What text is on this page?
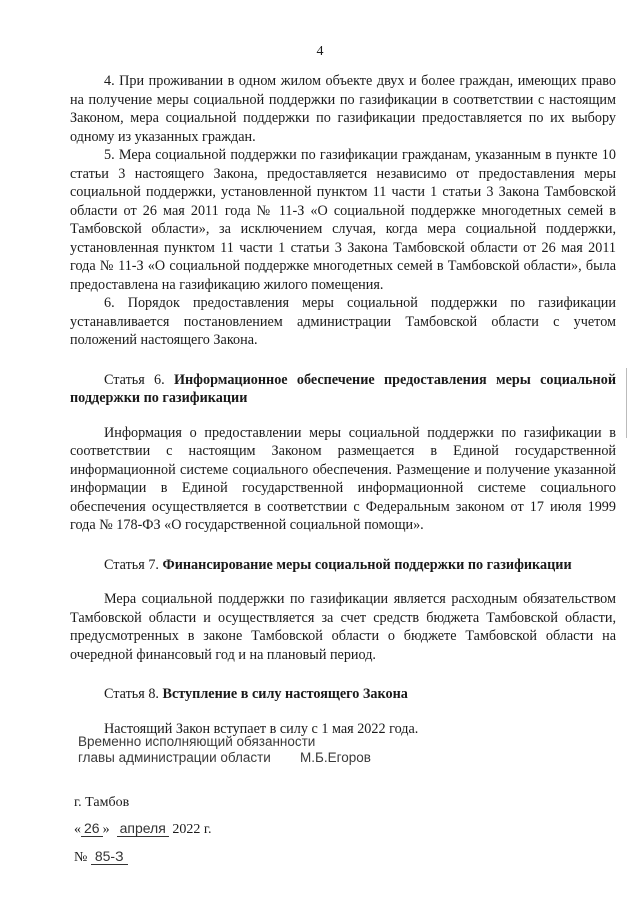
4

4. При проживании в одном жилом объекте двух и более граждан, имеющих право на получение меры социальной поддержки по газификации в соответствии с настоящим Законом, мера социальной поддержки по газификации предоставляется по их выбору одному из указанных граждан.

5. Мера социальной поддержки по газификации гражданам, указанным в пункте 10 статьи 3 настоящего Закона, предоставляется независимо от предоставления меры социальной поддержки, установленной пунктом 11 части 1 статьи 3 Закона Тамбовской области от 26 мая 2011 года № 11-З «О социальной поддержке многодетных семей в Тамбовской области», за исключением случая, когда мера социальной поддержки, установленная пунктом 11 части 1 статьи 3 Закона Тамбовской области от 26 мая 2011 года № 11-З «О социальной поддержке многодетных семей в Тамбовской области», была предоставлена на газификацию жилого помещения.

6. Порядок предоставления меры социальной поддержки по газификации устанавливается постановлением администрации Тамбовской области с учетом положений настоящего Закона.

Статья 6. Информационное обеспечение предоставления меры социальной поддержки по газификации

Информация о предоставлении меры социальной поддержки по газификации в соответствии с настоящим Законом размещается в Единой государственной информационной системе социального обеспечения. Размещение и получение указанной информации в Единой государственной информационной системе социального обеспечения осуществляется в соответствии с Федеральным законом от 17 июля 1999 года № 178-ФЗ «О государственной социальной помощи».

Статья 7. Финансирование меры социальной поддержки по газификации

Мера социальной поддержки по газификации является расходным обязательством Тамбовской области и осуществляется за счет средств бюджета Тамбовской области, предусмотренных в законе Тамбовской области о бюджете Тамбовской области на очередной финансовый год и на плановый период.

Статья 8. Вступление в силу настоящего Закона

Настоящий Закон вступает в силу с 1 мая 2022 года.

Временно исполняющий обязанности
главы администрации области	М.Б.Егоров
г. Тамбов
« 26 » апреля 2022 г.
№ 85-З
